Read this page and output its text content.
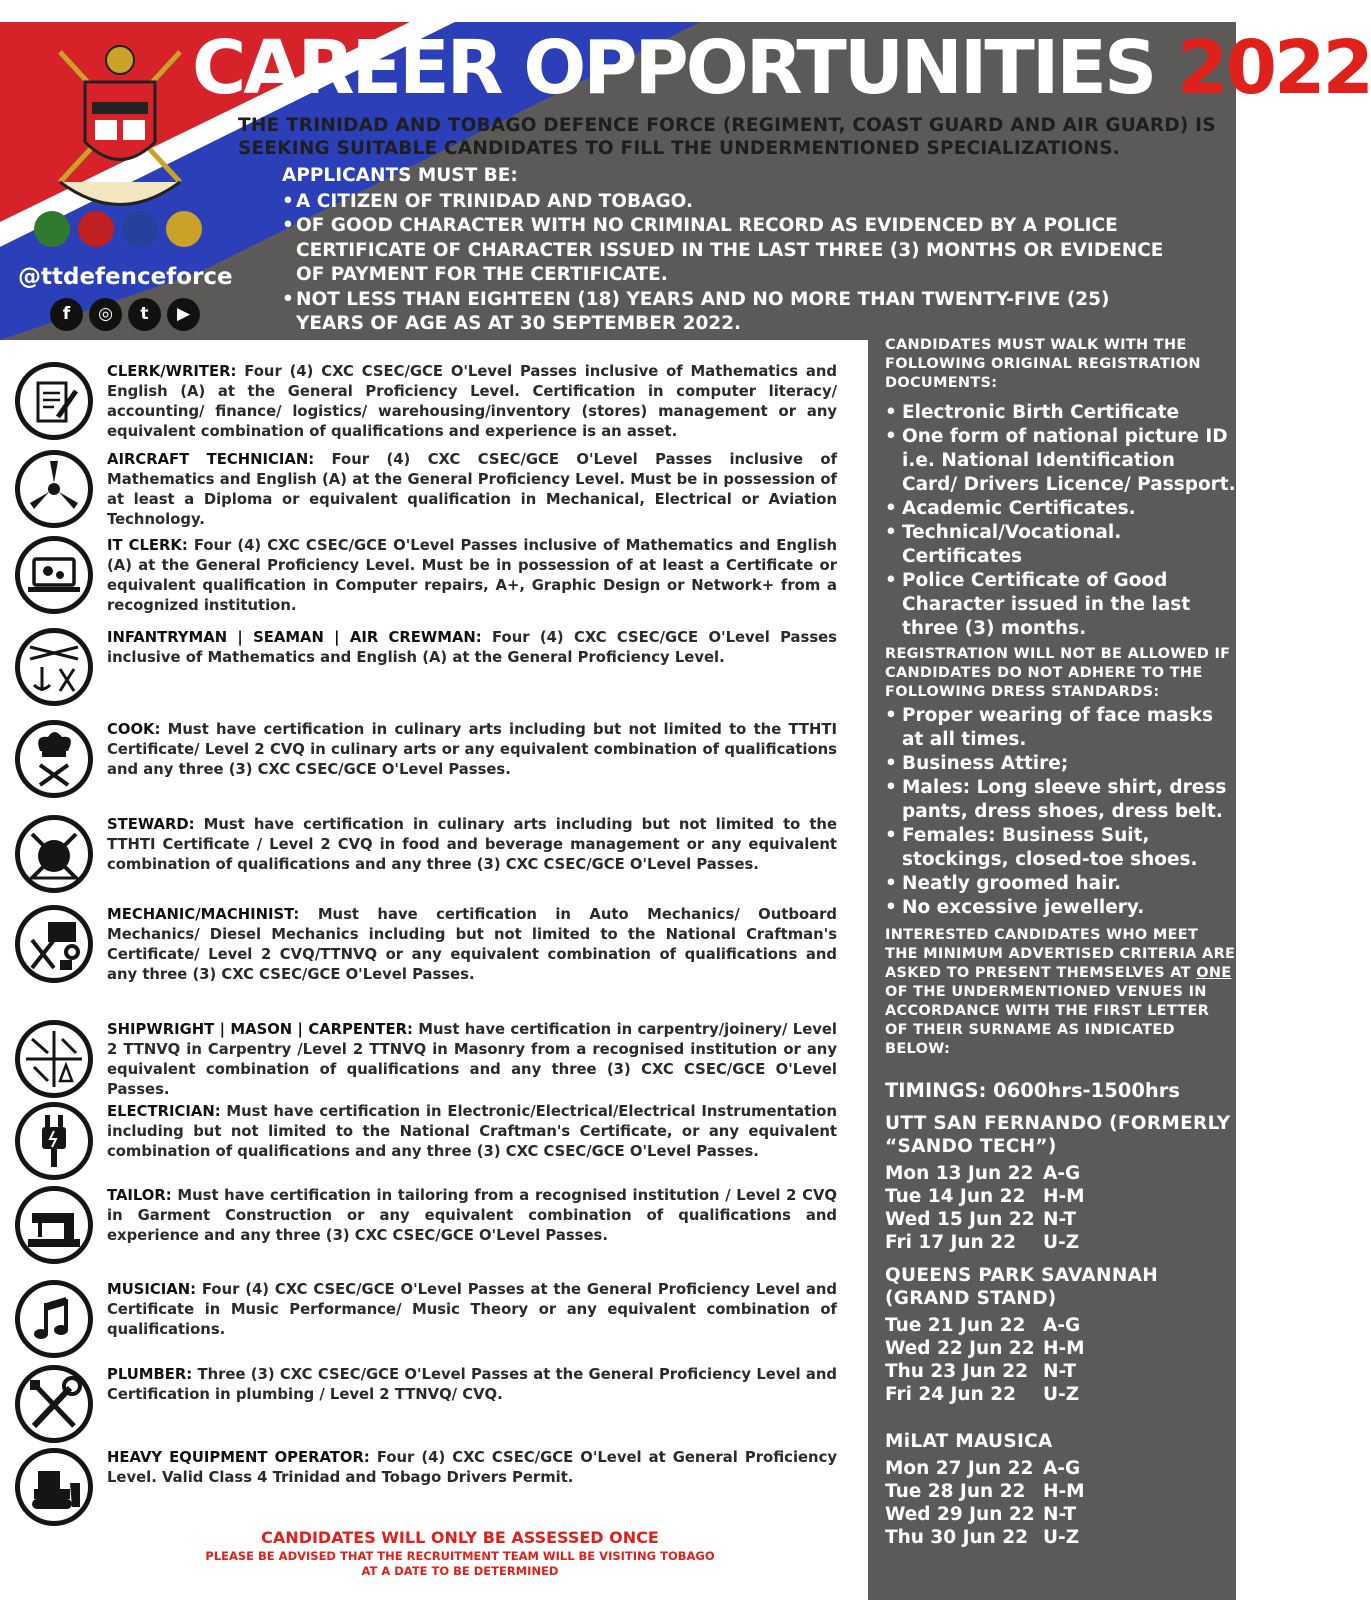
@ttdefenceforce
f	◎	t	▶
CAREER OPPORTUNITIES 2022
THE TRINIDAD AND TOBAGO DEFENCE FORCE (REGIMENT, COAST GUARD AND AIR GUARD) IS SEEKING SUITABLE CANDIDATES TO FILL THE UNDERMENTIONED SPECIALIZATIONS.
APPLICANTS MUST BE:
• A CITIZEN OF TRINIDAD AND TOBAGO.
• OF GOOD CHARACTER WITH NO CRIMINAL RECORD AS EVIDENCED BY A POLICE CERTIFICATE OF CHARACTER ISSUED IN THE LAST THREE (3) MONTHS OR EVIDENCE OF PAYMENT FOR THE CERTIFICATE.
• NOT LESS THAN EIGHTEEN (18) YEARS AND NO MORE THAN TWENTY-FIVE (25) YEARS OF AGE AS AT 30 SEPTEMBER 2022.
CLERK/WRITER: Four (4) CXC CSEC/GCE O'Level Passes inclusive of Mathematics and English (A) at the General Proficiency Level. Certification in computer literacy/ accounting/ finance/ logistics/ warehousing/inventory (stores) management or any equivalent combination of qualifications and experience is an asset.
AIRCRAFT TECHNICIAN: Four (4) CXC CSEC/GCE O'Level Passes inclusive of Mathematics and English (A) at the General Proficiency Level. Must be in possession of at least a Diploma or equivalent qualification in Mechanical, Electrical or Aviation Technology.
IT CLERK: Four (4) CXC CSEC/GCE O'Level Passes inclusive of Mathematics and English (A) at the General Proficiency Level. Must be in possession of at least a Certificate or equivalent qualification in Computer repairs, A+, Graphic Design or Network+ from a recognized institution.
INFANTRYMAN | SEAMAN | AIR CREWMAN: Four (4) CXC CSEC/GCE O'Level Passes inclusive of Mathematics and English (A) at the General Proficiency Level.
COOK: Must have certification in culinary arts including but not limited to the TTHTI Certificate/ Level 2 CVQ in culinary arts or any equivalent combination of qualifications and any three (3) CXC CSEC/GCE O'Level Passes.
STEWARD: Must have certification in culinary arts including but not limited to the TTHTI Certificate / Level 2 CVQ in food and beverage management or any equivalent combination of qualifications and any three (3) CXC CSEC/GCE O'Level Passes.
MECHANIC/MACHINIST: Must have certification in Auto Mechanics/ Outboard Mechanics/ Diesel Mechanics including but not limited to the National Craftman's Certificate/ Level 2 CVQ/TTNVQ or any equivalent combination of qualifications and any three (3) CXC CSEC/GCE O'Level Passes.
SHIPWRIGHT | MASON | CARPENTER: Must have certification in carpentry/joinery/ Level 2 TTNVQ in Carpentry /Level 2 TTNVQ in Masonry from a recognised institution or any equivalent combination of qualifications and any three (3) CXC CSEC/GCE O'Level Passes.
ELECTRICIAN: Must have certification in Electronic/Electrical/Electrical Instrumentation including but not limited to the National Craftman's Certificate, or any equivalent combination of qualifications and any three (3) CXC CSEC/GCE O'Level Passes.
TAILOR: Must have certification in tailoring from a recognised institution / Level 2 CVQ in Garment Construction or any equivalent combination of qualifications and experience and any three (3) CXC CSEC/GCE O'Level Passes.
MUSICIAN: Four (4) CXC CSEC/GCE O'Level Passes at the General Proficiency Level and Certificate in Music Performance/ Music Theory or any equivalent combination of qualifications.
PLUMBER: Three (3) CXC CSEC/GCE O'Level Passes at the General Proficiency Level and Certification in plumbing / Level 2 TTNVQ/ CVQ.
HEAVY EQUIPMENT OPERATOR: Four (4) CXC CSEC/GCE O'Level at General Proficiency Level. Valid Class 4 Trinidad and Tobago Drivers Permit.
CANDIDATES MUST WALK WITH THE FOLLOWING ORIGINAL REGISTRATION DOCUMENTS:
• Electronic Birth Certificate
• One form of national picture ID i.e. National Identification Card/ Drivers Licence/ Passport.
• Academic Certificates.
• Technical/Vocational. Certificates
• Police Certificate of Good Character issued in the last three (3) months.
REGISTRATION WILL NOT BE ALLOWED IF CANDIDATES DO NOT ADHERE TO THE FOLLOWING DRESS STANDARDS:
• Proper wearing of face masks at all times.
• Business Attire;
• Males: Long sleeve shirt, dress pants, dress shoes, dress belt.
• Females: Business Suit, stockings, closed-toe shoes.
• Neatly groomed hair.
• No excessive jewellery.
INTERESTED CANDIDATES WHO MEET THE MINIMUM ADVERTISED CRITERIA ARE ASKED TO PRESENT THEMSELVES AT ONE OF THE UNDERMENTIONED VENUES IN ACCORDANCE WITH THE FIRST LETTER OF THEIR SURNAME AS INDICATED BELOW:
TIMINGS: 0600hrs-1500hrs
UTT SAN FERNANDO (FORMERLY “SANDO TECH”)
Mon 13 Jun 22 A-G
Tue 14 Jun 22 H-M
Wed 15 Jun 22 N-T
Fri 17 Jun 22	U-Z
QUEENS PARK SAVANNAH (GRAND STAND)
Tue 21 Jun 22 A-G
Wed 22 Jun 22 H-M
Thu 23 Jun 22 N-T
Fri 24 Jun 22	U-Z
MiLAT MAUSICA
Mon 27 Jun 22 A-G
Tue 28 Jun 22 H-M
Wed 29 Jun 22 N-T
Thu 30 Jun 22 U-Z
CANDIDATES WILL ONLY BE ASSESSED ONCE
PLEASE BE ADVISED THAT THE RECRUITMENT TEAM WILL BE VISITING TOBAGO
AT A DATE TO BE DETERMINED
